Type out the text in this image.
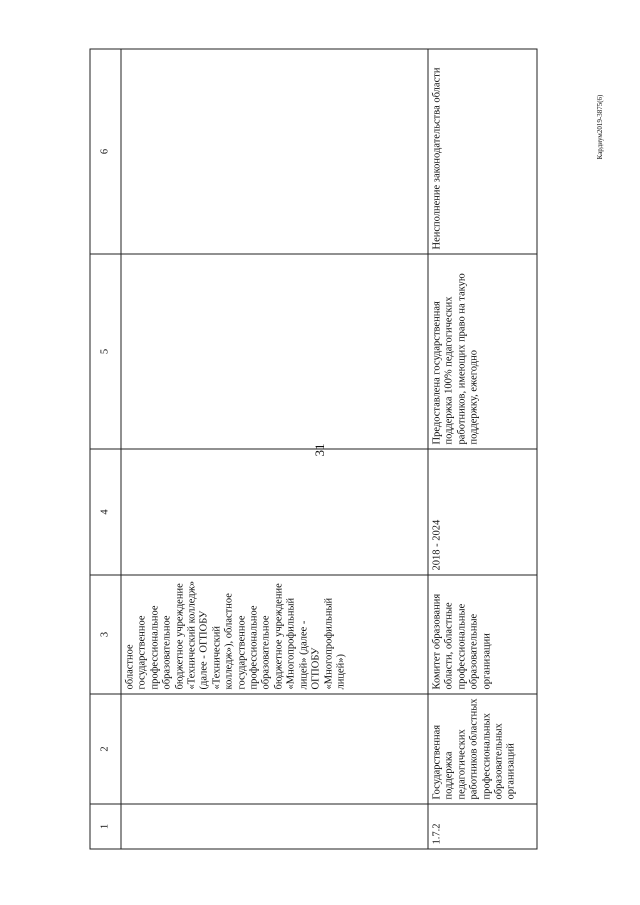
31
Кардиум2019-3875(6)
1	2	3	4	5	6
		областное государственное профессиональное образовательное бюджетное учреждение «Технический колледж» (далее - ОГПОБУ «Технический колледж»), областное государственное профессиональное образовательное бюджетное учреждение «Многопрофильный лицей» (далее - ОГПОБУ «Многопрофильный лицей»)			
1.7.2	Государственная поддержка педагогических работников областных профессиональных образовательных организаций	Комитет образования области, областные профессиональные образовательные организации	2018 - 2024	Предоставлена государственная поддержка 100% педагогических работников, имеющих право на такую поддержку, ежегодно	Неисполнение законодательства области
